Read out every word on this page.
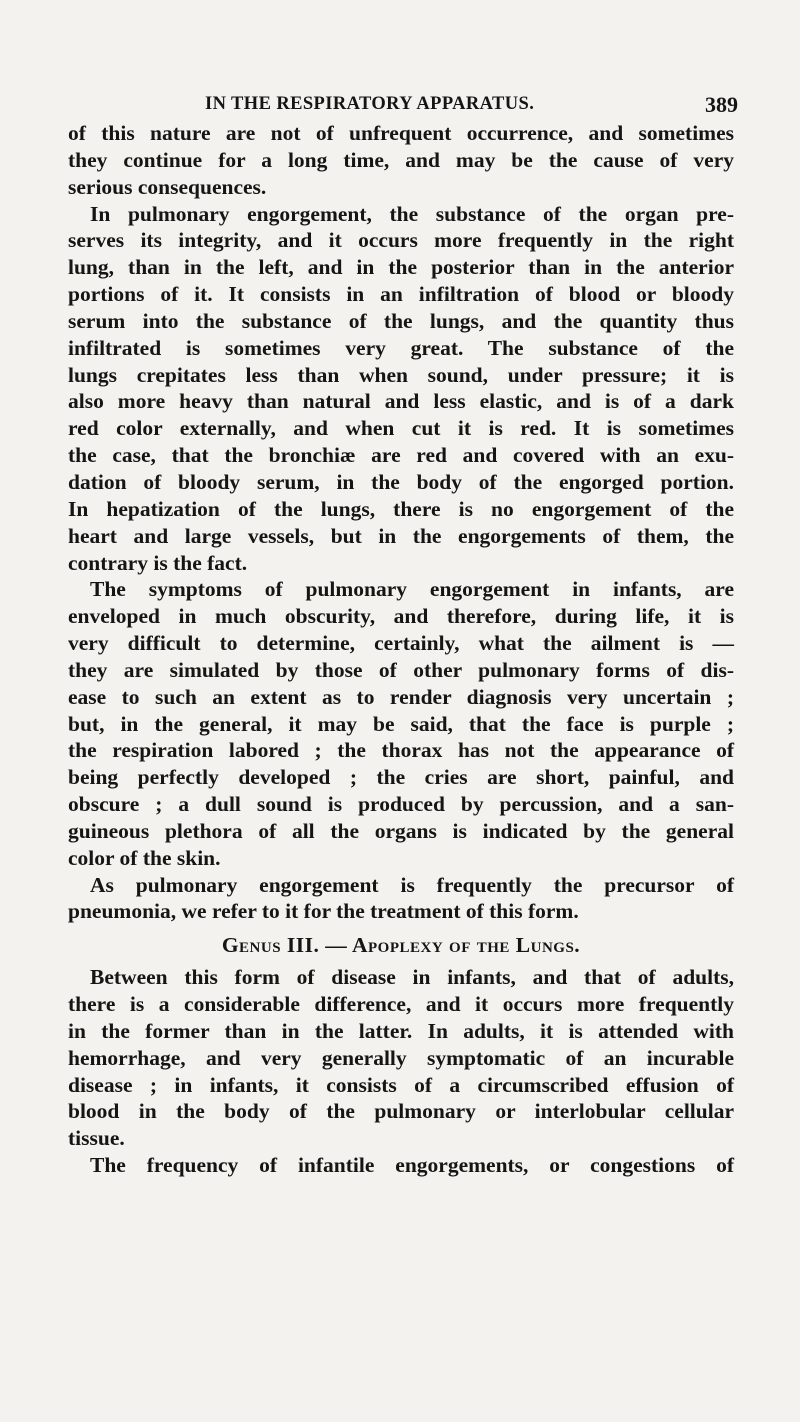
IN THE RESPIRATORY APPARATUS.	389
of this nature are not of unfrequent occurrence, and sometimes
they continue for a long time, and may be the cause of very
serious consequences.
In pulmonary engorgement, the substance of the organ pre-
serves its integrity, and it occurs more frequently in the right
lung, than in the left, and in the posterior than in the anterior
portions of it. It consists in an infiltration of blood or bloody
serum into the substance of the lungs, and the quantity thus
infiltrated is sometimes very great. The substance of the
lungs crepitates less than when sound, under pressure; it is
also more heavy than natural and less elastic, and is of a dark
red color externally, and when cut it is red. It is sometimes
the case, that the bronchiæ are red and covered with an exu-
dation of bloody serum, in the body of the engorged portion.
In hepatization of the lungs, there is no engorgement of the
heart and large vessels, but in the engorgements of them, the
contrary is the fact.
The symptoms of pulmonary engorgement in infants, are
enveloped in much obscurity, and therefore, during life, it is
very difficult to determine, certainly, what the ailment is —
they are simulated by those of other pulmonary forms of dis-
ease to such an extent as to render diagnosis very uncertain ;
but, in the general, it may be said, that the face is purple ;
the respiration labored ; the thorax has not the appearance of
being perfectly developed ; the cries are short, painful, and
obscure ; a dull sound is produced by percussion, and a san-
guineous plethora of all the organs is indicated by the general
color of the skin.
As pulmonary engorgement is frequently the precursor of
pneumonia, we refer to it for the treatment of this form.
Genus III. — Apoplexy of the Lungs.
Between this form of disease in infants, and that of adults,
there is a considerable difference, and it occurs more frequently
in the former than in the latter. In adults, it is attended with
hemorrhage, and very generally symptomatic of an incurable
disease ; in infants, it consists of a circumscribed effusion of
blood in the body of the pulmonary or interlobular cellular
tissue.
The frequency of infantile engorgements, or congestions of
